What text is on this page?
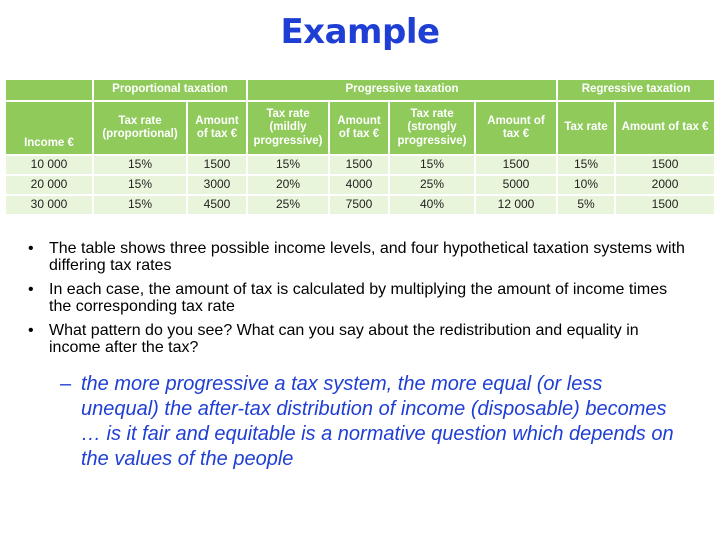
Example
	Proportional taxation		Progressive taxation				Regressive taxation	
Income €	Tax rate (proportional)	Amount of tax €	Tax rate (mildly progressive)	Amount of tax €	Tax rate (strongly progressive)	Amount of tax €	Tax rate	Amount of tax €
10 000	15%	1500	15%	1500	15%	1500	15%	1500
20 000	15%	3000	20%	4000	25%	5000	10%	2000
30 000	15%	4500	25%	7500	40%	12 000	5%	1500
• The table shows three possible income levels, and four hypothetical taxation systems with differing tax rates
• In each case, the amount of tax is calculated by multiplying the amount of income times the corresponding tax rate
• What pattern do you see? What can you say about the redistribution and equality in income after the tax?
– the more progressive a tax system, the more equal (or less unequal) the after-tax distribution of income (disposable) becomes … is it fair and equitable is a normative question which depends on the values of the people
